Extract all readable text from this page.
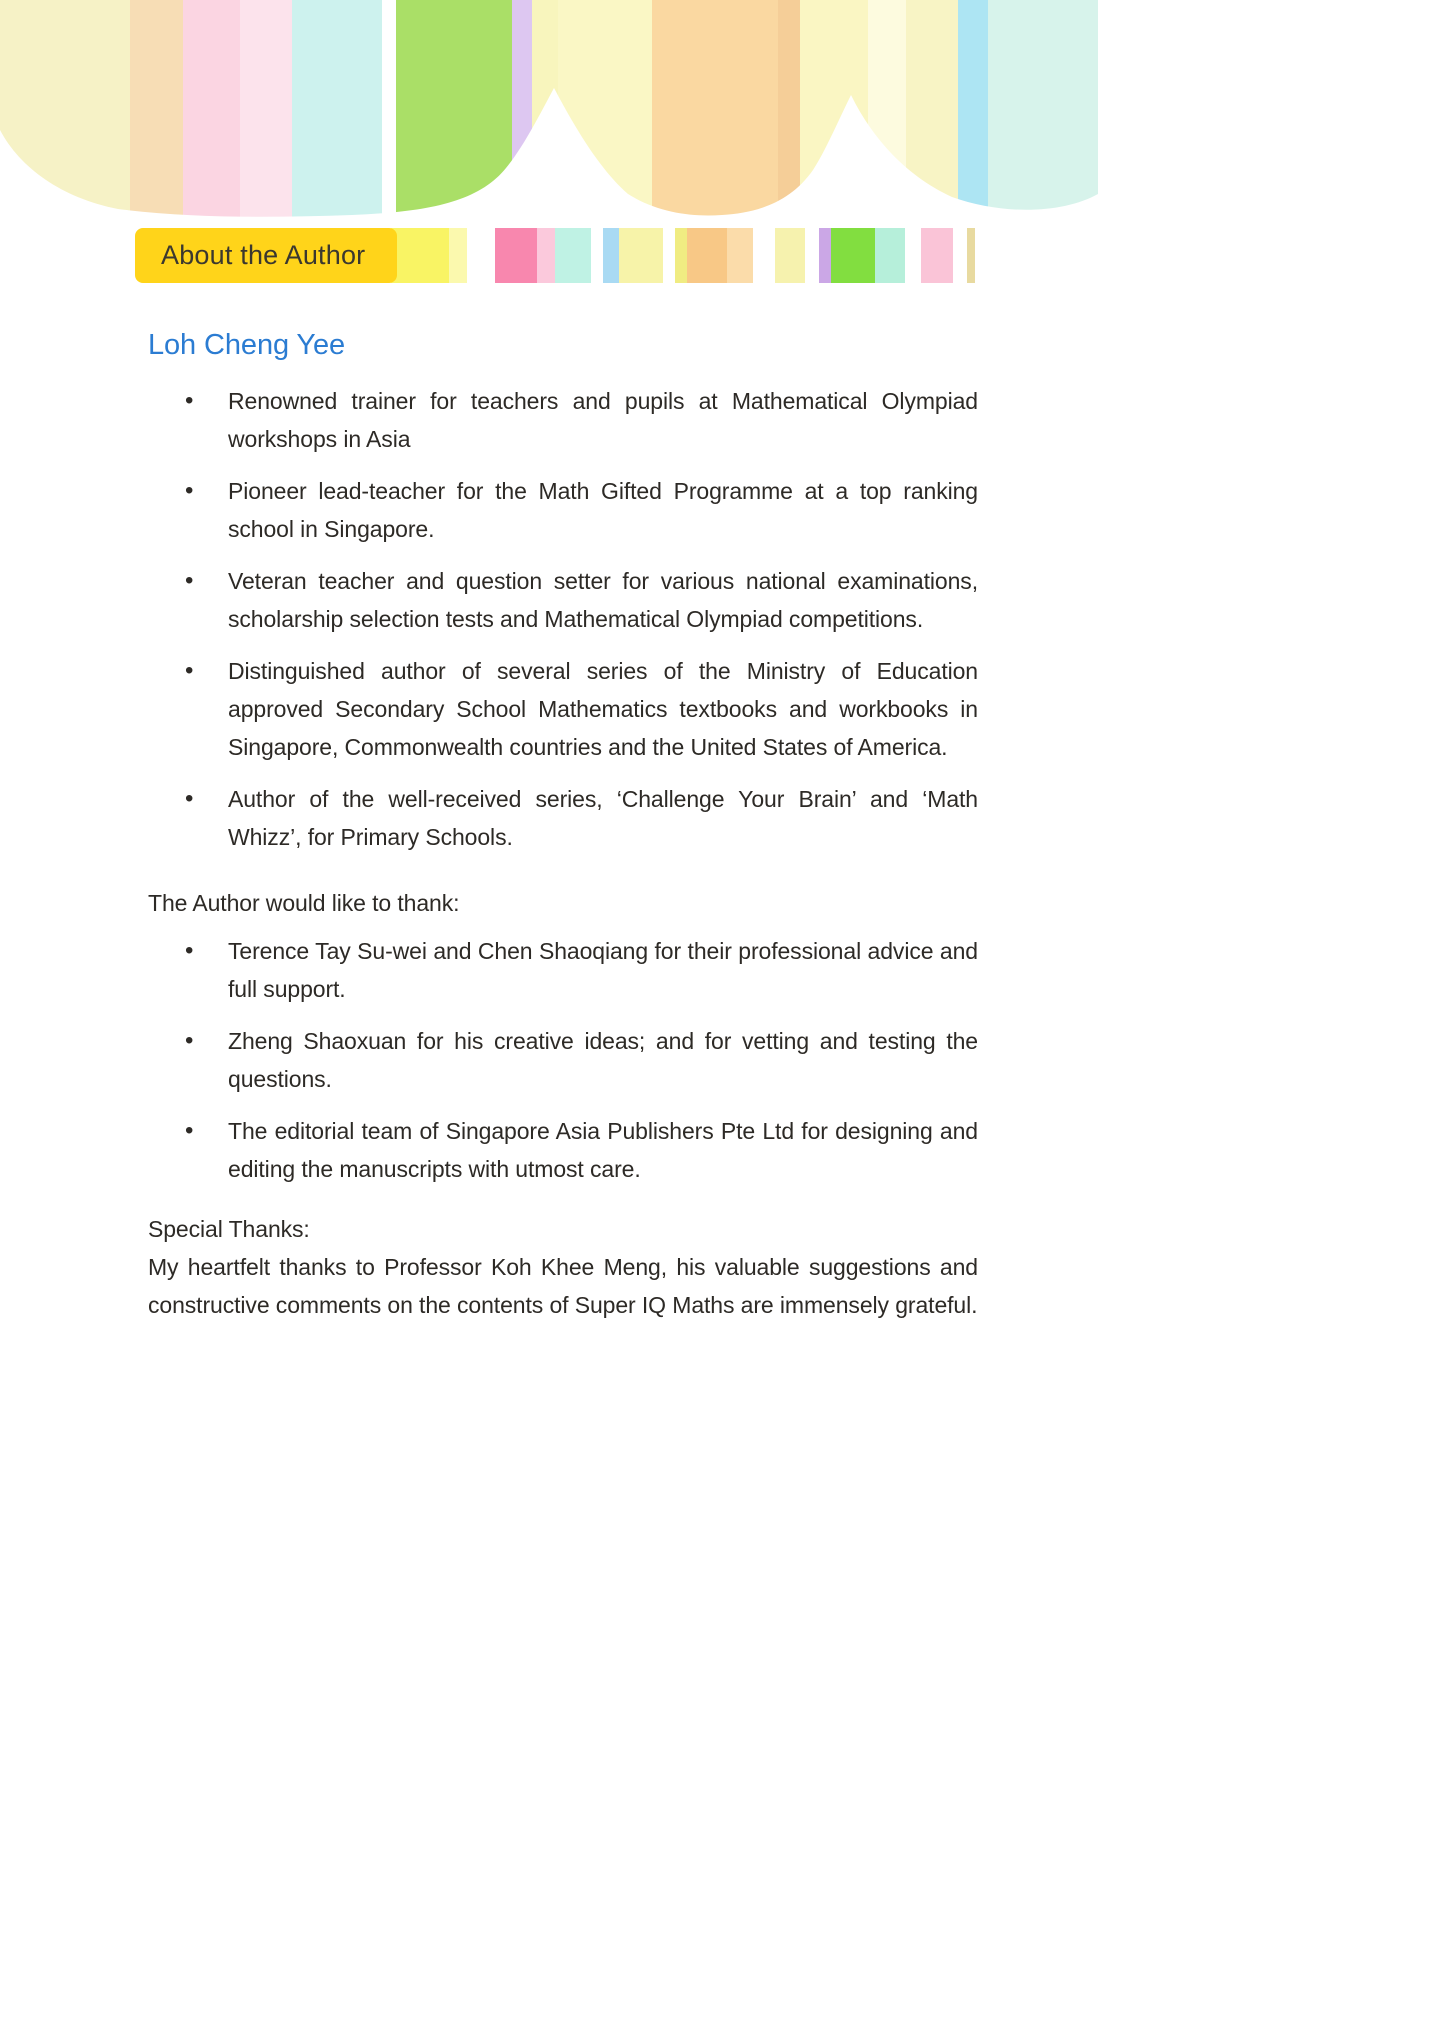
About the Author
Loh Cheng Yee
• Renowned trainer for teachers and pupils at Mathematical Olympiad workshops in Asia
• Pioneer lead-teacher for the Math Gifted Programme at a top ranking school in Singapore.
• Veteran teacher and question setter for various national examinations, scholarship selection tests and Mathematical Olympiad competitions.
• Distinguished author of several series of the Ministry of Education approved Secondary School Mathematics textbooks and workbooks in Singapore, Commonwealth countries and the United States of America.
• Author of the well-received series, ‘Challenge Your Brain’ and ‘Math Whizz’, for Primary Schools.

The Author would like to thank:

• Terence Tay Su-wei and Chen Shaoqiang for their professional advice and full support.
• Zheng Shaoxuan for his creative ideas; and for vetting and testing the questions.
• The editorial team of Singapore Asia Publishers Pte Ltd for designing and editing the manuscripts with utmost care.

Special Thanks:

My heartfelt thanks to Professor Koh Khee Meng, his valuable suggestions and constructive comments on the contents of Super IQ Maths are immensely grateful.
